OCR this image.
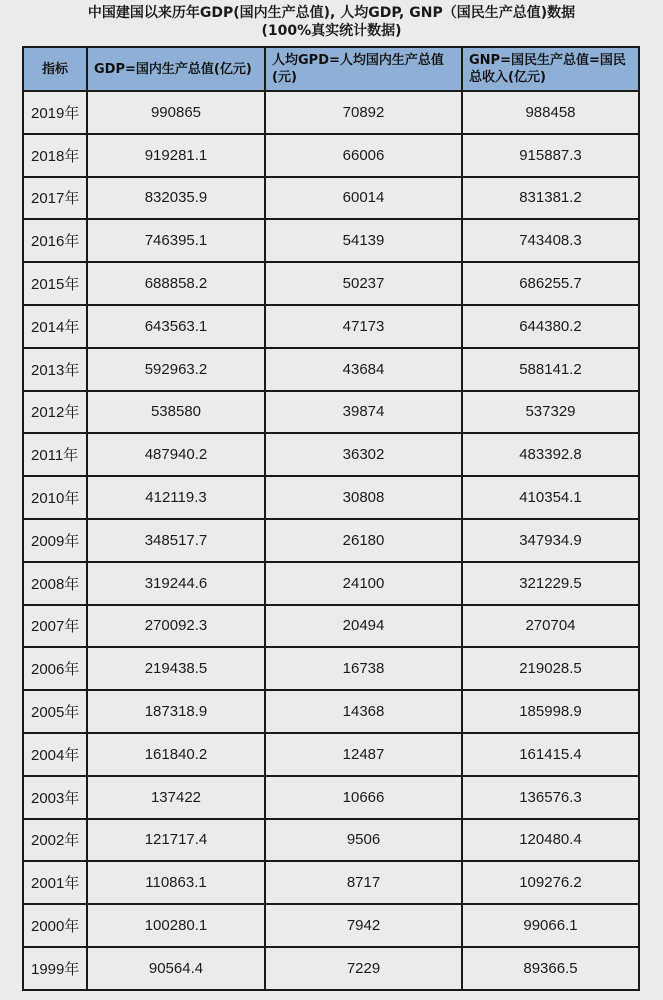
中国建国以来历年GDP(国内生产总值), 人均GDP, GNP（国民生产总值)数据
(100%真实统计数据)
指标	GDP=国内生产总值(亿元)	人均GPD=人均国内生产总值(元)	GNP=国民生产总值=国民总收入(亿元)
2019年	990865	70892	988458
2018年	919281.1	66006	915887.3
2017年	832035.9	60014	831381.2
2016年	746395.1	54139	743408.3
2015年	688858.2	50237	686255.7
2014年	643563.1	47173	644380.2
2013年	592963.2	43684	588141.2
2012年	538580	39874	537329
2011年	487940.2	36302	483392.8
2010年	412119.3	30808	410354.1
2009年	348517.7	26180	347934.9
2008年	319244.6	24100	321229.5
2007年	270092.3	20494	270704
2006年	219438.5	16738	219028.5
2005年	187318.9	14368	185998.9
2004年	161840.2	12487	161415.4
2003年	137422	10666	136576.3
2002年	121717.4	9506	120480.4
2001年	110863.1	8717	109276.2
2000年	100280.1	7942	99066.1
1999年	90564.4	7229	89366.5
